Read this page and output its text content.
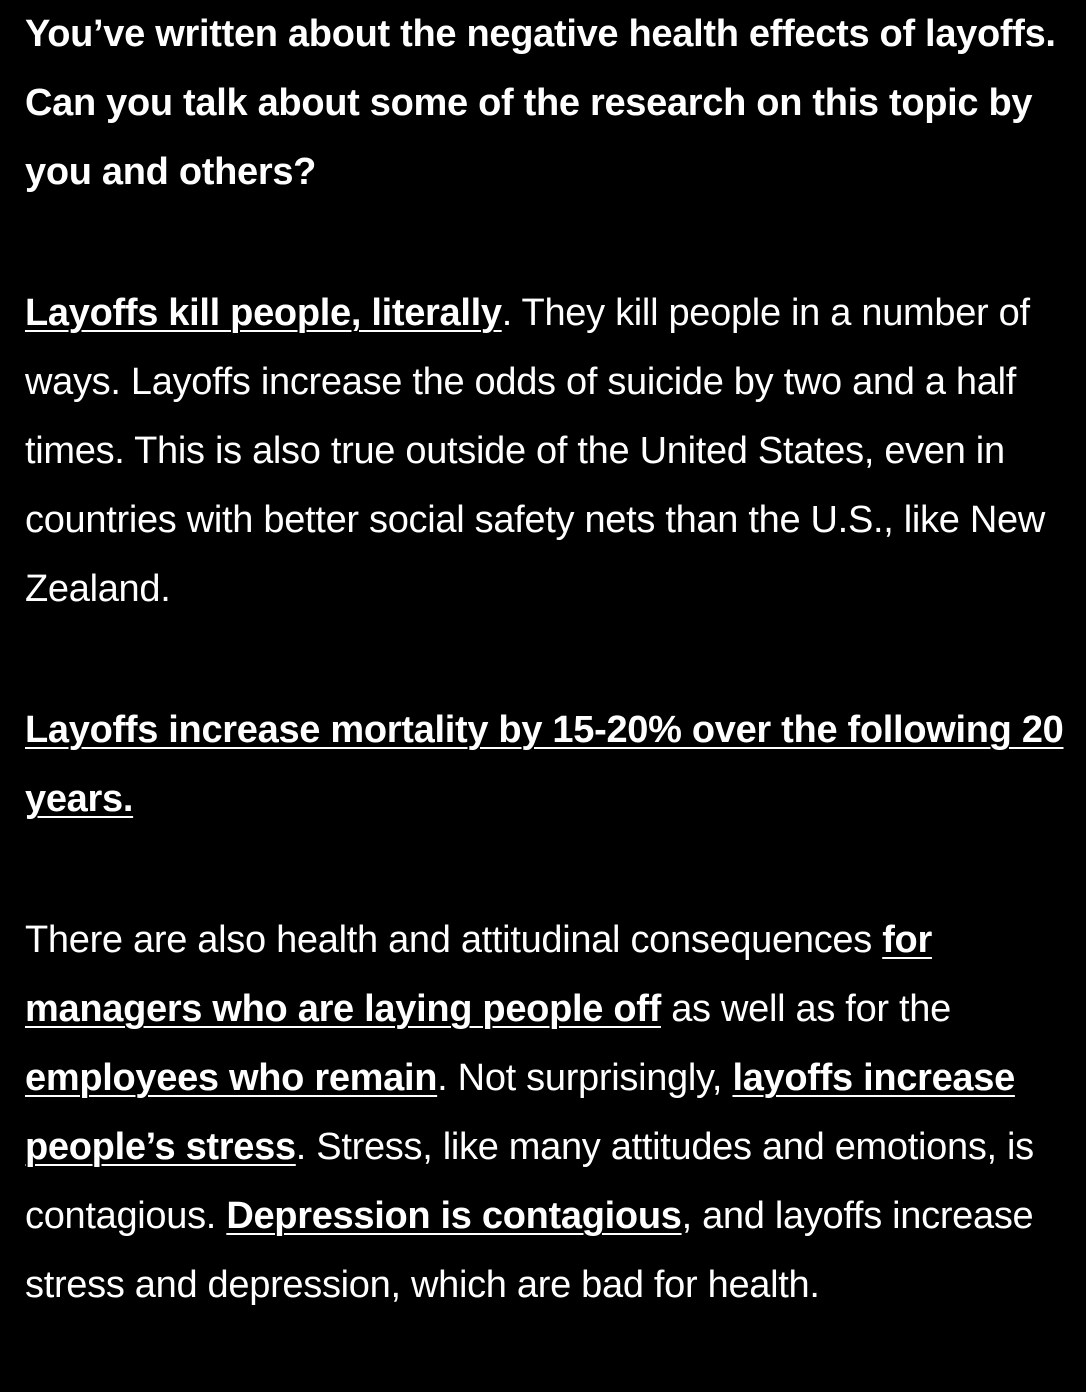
You’ve written about the negative health effects of layoffs. Can you talk about some of the research on this topic by you and others?

Layoffs kill people, literally. They kill people in a number of ways. Layoffs increase the odds of suicide by two and a half times. This is also true outside of the United States, even in countries with better social safety nets than the U.S., like New Zealand.

Layoffs increase mortality by 15-20% over the following 20 years.

There are also health and attitudinal consequences for managers who are laying people off as well as for the employees who remain. Not surprisingly, layoffs increase people’s stress. Stress, like many attitudes and emotions, is contagious. Depression is contagious, and layoffs increase stress and depression, which are bad for health.
